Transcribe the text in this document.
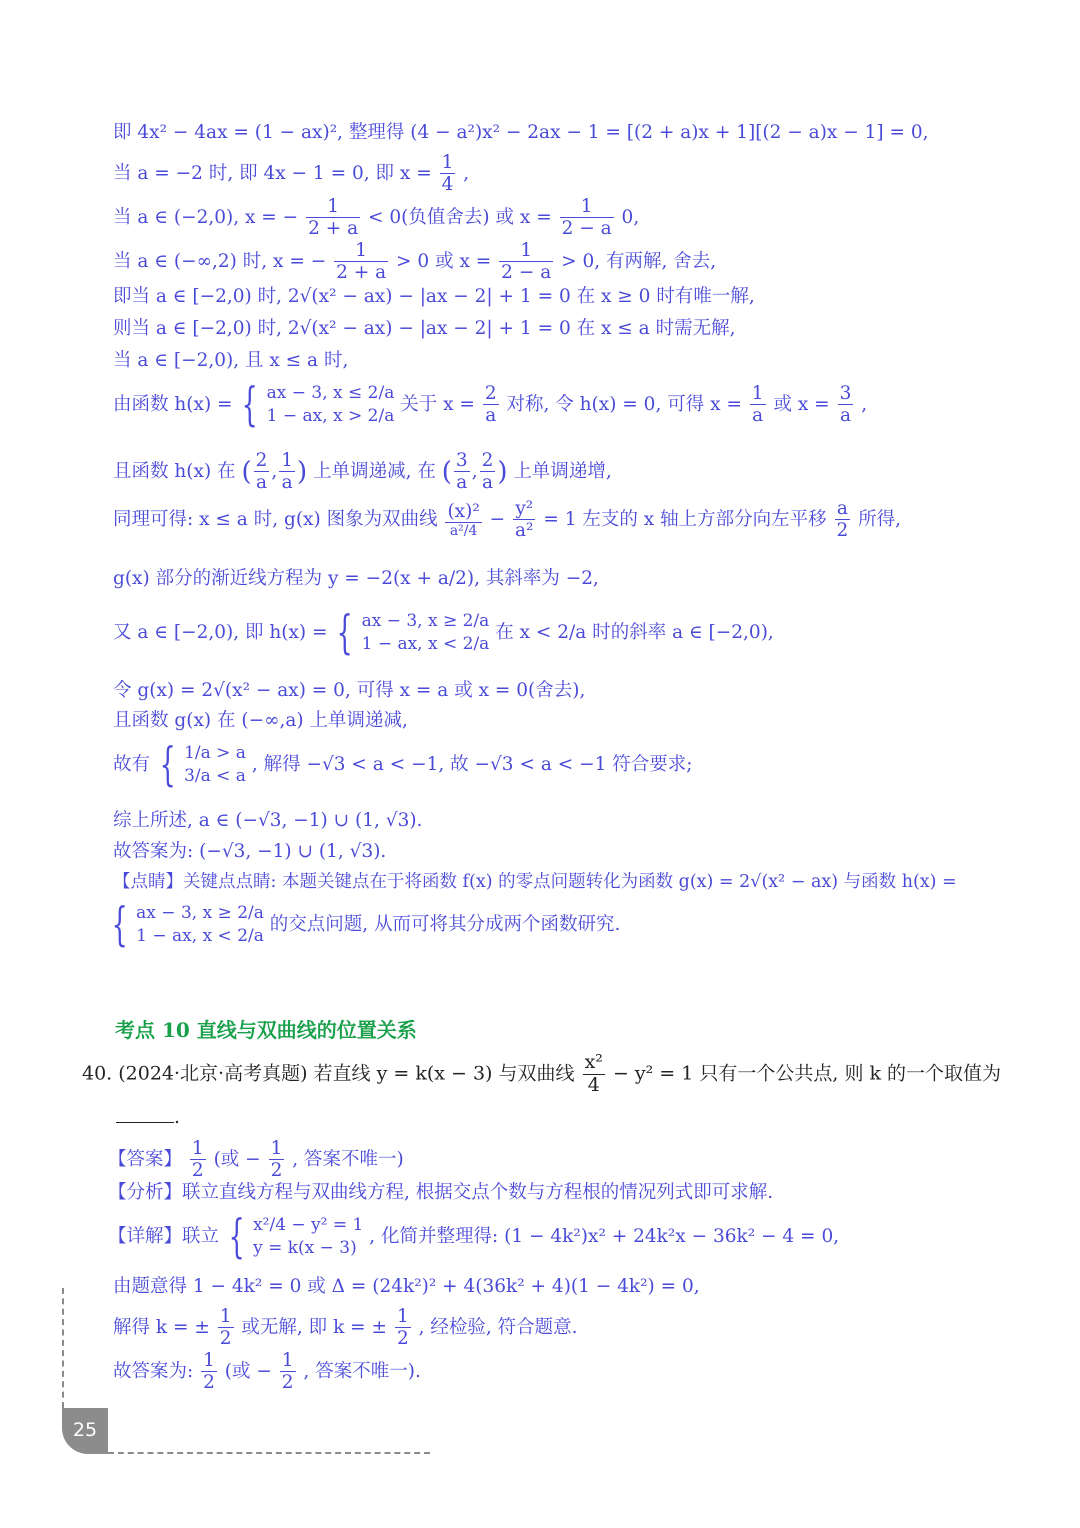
即 4x² − 4ax = (1 − ax)², 整理得 (4 − a²)x² − 2ax − 1 = [(2 + a)x + 1][(2 − a)x − 1] = 0,
当 a = −2 时, 即 4x − 1 = 0, 即 $x = \frac{1}{4}$ ,
当 a ∈ (−2,0), x = − $\frac{1}{2 + a} < 0$(负值舍去) 或 $x = \frac{1}{2 - a} 0$,
当 a ∈ (−∞,2) 时, x = − $\frac{1}{2 + a} > 0$ 或 $x = \frac{1}{2 - a} > 0$, 有两解, 舍去,
即当 a ∈ [−2,0) 时, 2√(x² − ax) − |ax − 2| + 1 = 0 在 x ≥ 0 时有唯一解,
则当 a ∈ [−2,0) 时, 2√(x² − ax) − |ax − 2| + 1 = 0 在 x ≤ a 时需无解,
当 a ∈ [−2,0), 且 x ≤ a 时,
由函数 h(x) = { ax − 3, x ≤ 2/a
1 − ax, x > 2/a
关于 $x = \frac{2}{a}$ 对称, 令 h(x) = 0, 可得 $x = \frac{1}{a}$ 或 $x = \frac{3}{a}$ ,
且函数 h(x) 在 ( $\frac{2}{a}$ , $\frac{1}{a}$ ) 上单调递减, 在 ( $\frac{3}{a}$ , $\frac{2}{a}$ ) 上单调递增,
同理可得: x ≤ a 时, g(x) 图象为双曲线 (x)²
a²/4
− $\frac{\text{y²}}{\text{a²}} = 1$ 左支的 x 轴上方部分向左平移 $\frac{a}{2}$ 所得,
g(x) 部分的渐近线方程为 y = −2(x + a/2), 其斜率为 −2,
又 a ∈ [−2,0), 即 h(x) = { ax − 3, x ≥ 2/a
1 − ax, x < 2/a
在 x < 2/a 时的斜率 a ∈ [−2,0),
令 g(x) = 2√(x² − ax) = 0, 可得 x = a 或 x = 0(舍去),
且函数 g(x) 在 (−∞,a) 上单调递减,
故有 { 1/a > a
3/a < a
, 解得 −√3 < a < −1, 故 −√3 < a < −1 符合要求;
综上所述, a ∈ (−√3, −1) ∪ (1, √3).
故答案为: (−√3, −1) ∪ (1, √3).
【点睛】关键点点睛: 本题关键点在于将函数 f(x) 的零点问题转化为函数 g(x) = 2√(x² − ax) 与函数 h(x) =
{ ax − 3, x ≥ 2/a
1 − ax, x < 2/a
的交点问题, 从而可将其分成两个函数研究.
考点 10 直线与双曲线的位置关系
40. (2024·北京·高考真题) 若直线 y = k(x − 3) 与双曲线 $\frac{\text{x²}}{4} - y^2 = 1$ 只有一个公共点, 则 k 的一个取值为
.
【答案】 $\frac{1}{2}$ (或 − $\frac{1}{2}$ , 答案不唯一)
【分析】联立直线方程与双曲线方程, 根据交点个数与方程根的情况列式即可求解.
【详解】联立 { x²/4 − y² = 1
y = k(x − 3)
, 化简并整理得: (1 − 4k²)x² + 24k²x − 36k² − 4 = 0,
由题意得 1 − 4k² = 0 或 Δ = (24k²)² + 4(36k² + 4)(1 − 4k²) = 0,
解得 k = ± $\frac{1}{2}$ 或无解, 即 k = ± $\frac{1}{2}$ , 经检验, 符合题意.
故答案为: $\frac{1}{2}$ (或 − $\frac{1}{2}$ , 答案不唯一).
25
